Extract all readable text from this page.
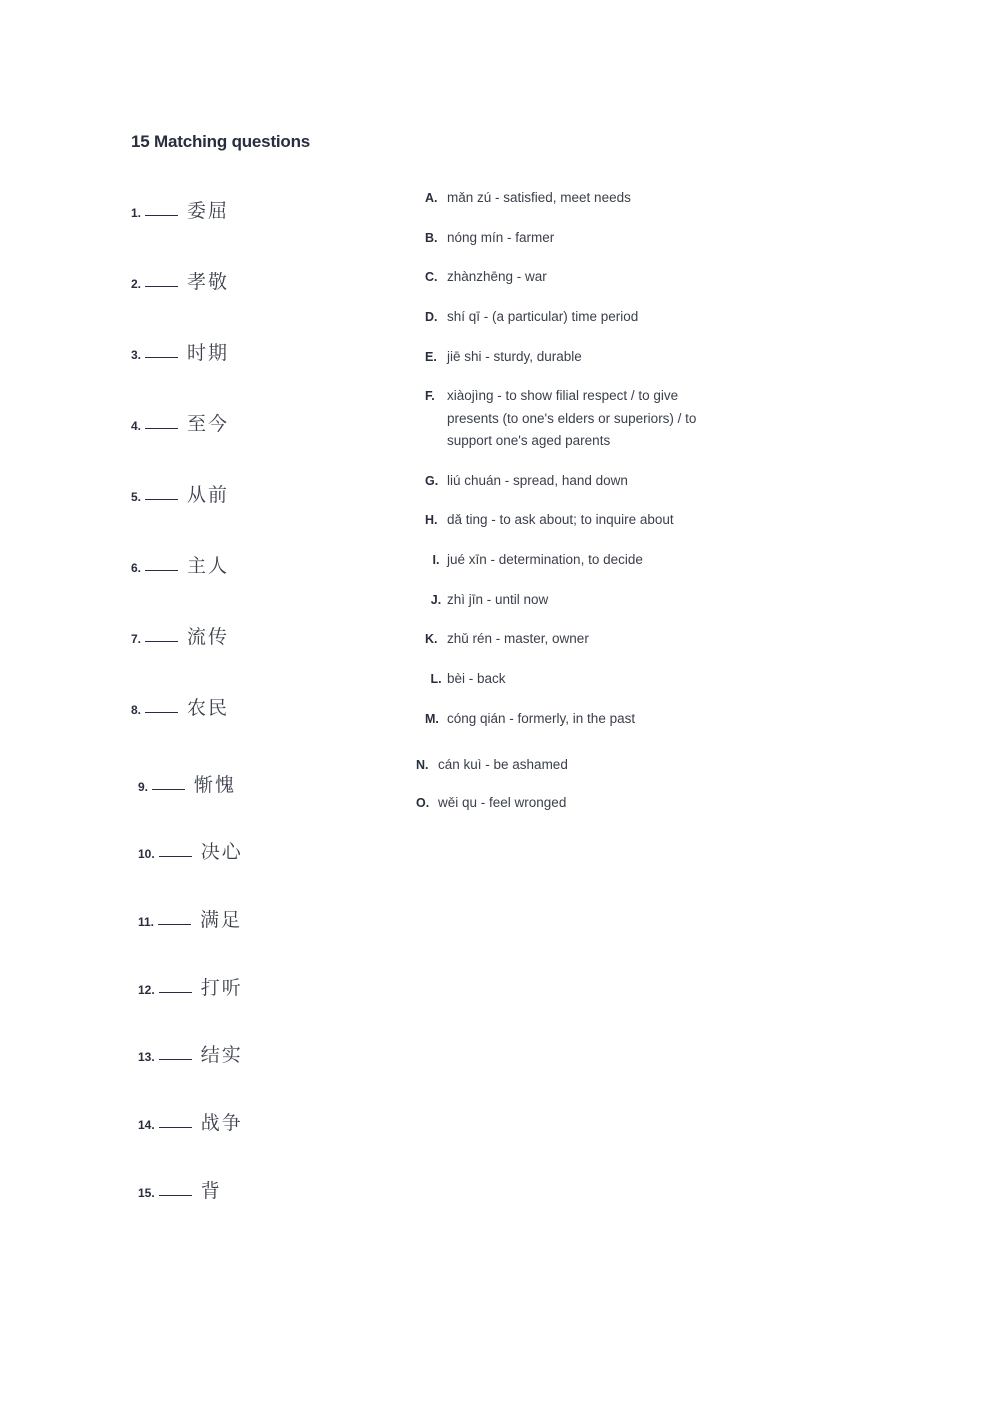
15 Matching questions
1. 委屈
2. 孝敬
3. 时期
4. 至今
5. 从前
6. 主人
7. 流传
8. 农民
9. 惭愧
10. 决心
11. 满足
12. 打听
13. 结实
14. 战争
15. 背
A. mǎn zú - satisfied, meet needs
B. nóng mín - farmer
C. zhànzhēng - war
D. shí qī - (a particular) time period
E. jiē shi - sturdy, durable
F. xiàojìng - to show filial respect / to give presents (to one's elders or superiors) / to support one's aged parents
G. liú chuán - spread, hand down
H. dǎ ting - to ask about; to inquire about
I. jué xīn - determination, to decide
J. zhì jīn - until now
K. zhǔ rén - master, owner
L. bèi - back
M. cóng qián - formerly, in the past
N. cán kuì - be ashamed
O. wěi qu - feel wronged
